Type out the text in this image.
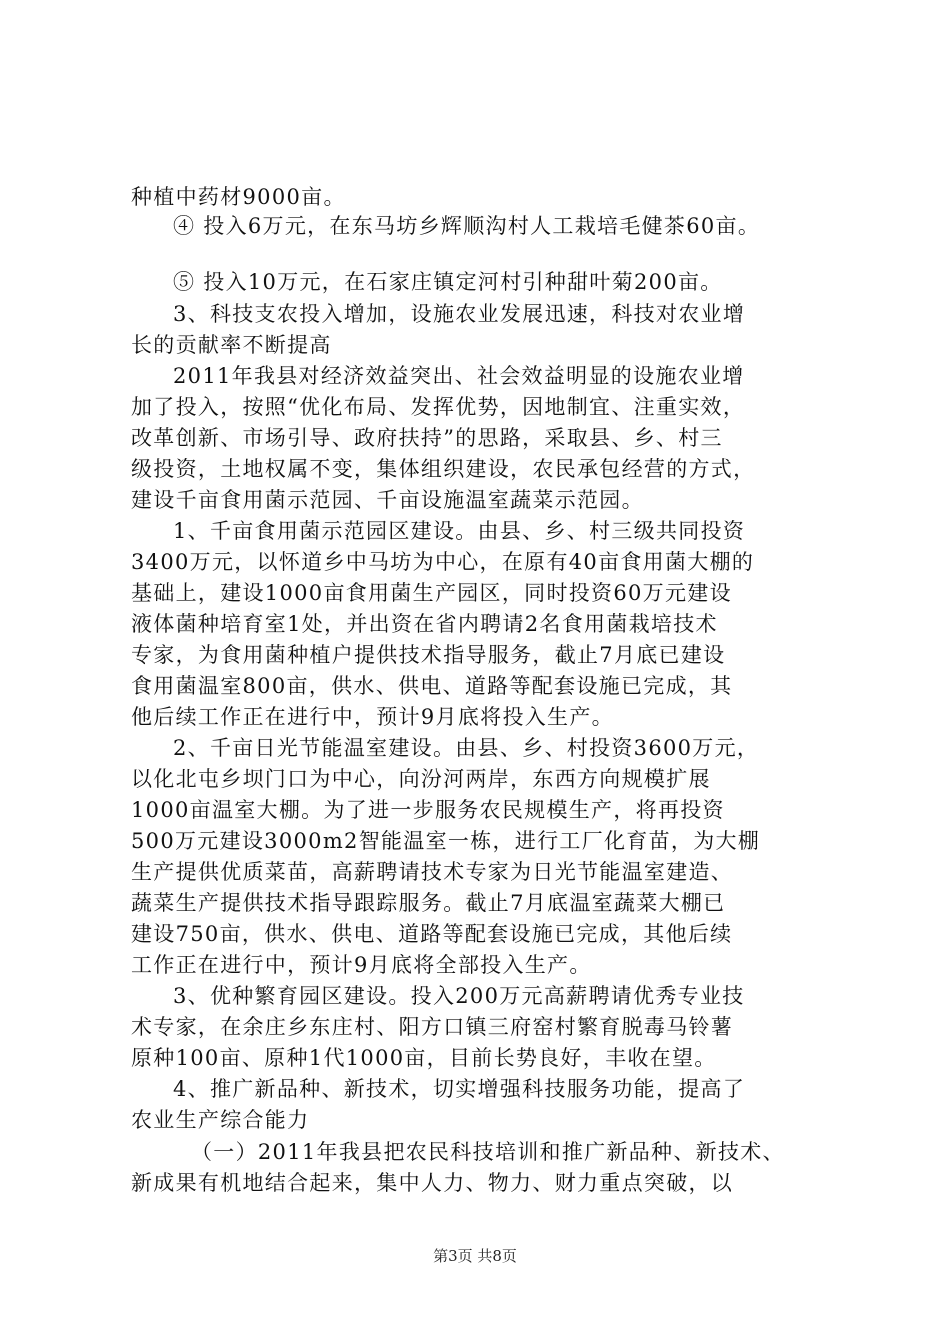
种植中药材9000亩。
④ 投入6万元，在东马坊乡辉顺沟村人工栽培毛健茶60亩。
⑤ 投入10万元，在石家庄镇定河村引种甜叶菊200亩。
3、科技支农投入增加，设施农业发展迅速，科技对农业增
长的贡献率不断提高
2011年我县对经济效益突出、社会效益明显的设施农业增
加了投入，按照“优化布局、发挥优势，因地制宜、注重实效，
改革创新、市场引导、政府扶持”的思路，采取县、乡、村三
级投资，土地权属不变，集体组织建设，农民承包经营的方式，
建设千亩食用菌示范园、千亩设施温室蔬菜示范园。
1、千亩食用菌示范园区建设。由县、乡、村三级共同投资
3400万元，以怀道乡中马坊为中心，在原有40亩食用菌大棚的
基础上，建设1000亩食用菌生产园区，同时投资60万元建设
液体菌种培育室1处，并出资在省内聘请2名食用菌栽培技术
专家，为食用菌种植户提供技术指导服务，截止7月底已建设
食用菌温室800亩，供水、供电、道路等配套设施已完成，其
他后续工作正在进行中，预计9月底将投入生产。
2、千亩日光节能温室建设。由县、乡、村投资3600万元，
以化北屯乡坝门口为中心，向汾河两岸，东西方向规模扩展
1000亩温室大棚。为了进一步服务农民规模生产，将再投资
500万元建设3000m2智能温室一栋，进行工厂化育苗，为大棚
生产提供优质菜苗，高薪聘请技术专家为日光节能温室建造、
蔬菜生产提供技术指导跟踪服务。截止7月底温室蔬菜大棚已
建设750亩，供水、供电、道路等配套设施已完成，其他后续
工作正在进行中，预计9月底将全部投入生产。
3、优种繁育园区建设。投入200万元高薪聘请优秀专业技
术专家，在余庄乡东庄村、阳方口镇三府窑村繁育脱毒马铃薯
原种100亩、原种1代1000亩，目前长势良好，丰收在望。
4、推广新品种、新技术，切实增强科技服务功能，提高了
农业生产综合能力
（一）2011年我县把农民科技培训和推广新品种、新技术、
新成果有机地结合起来，集中人力、物力、财力重点突破，以
第3页 共8页
